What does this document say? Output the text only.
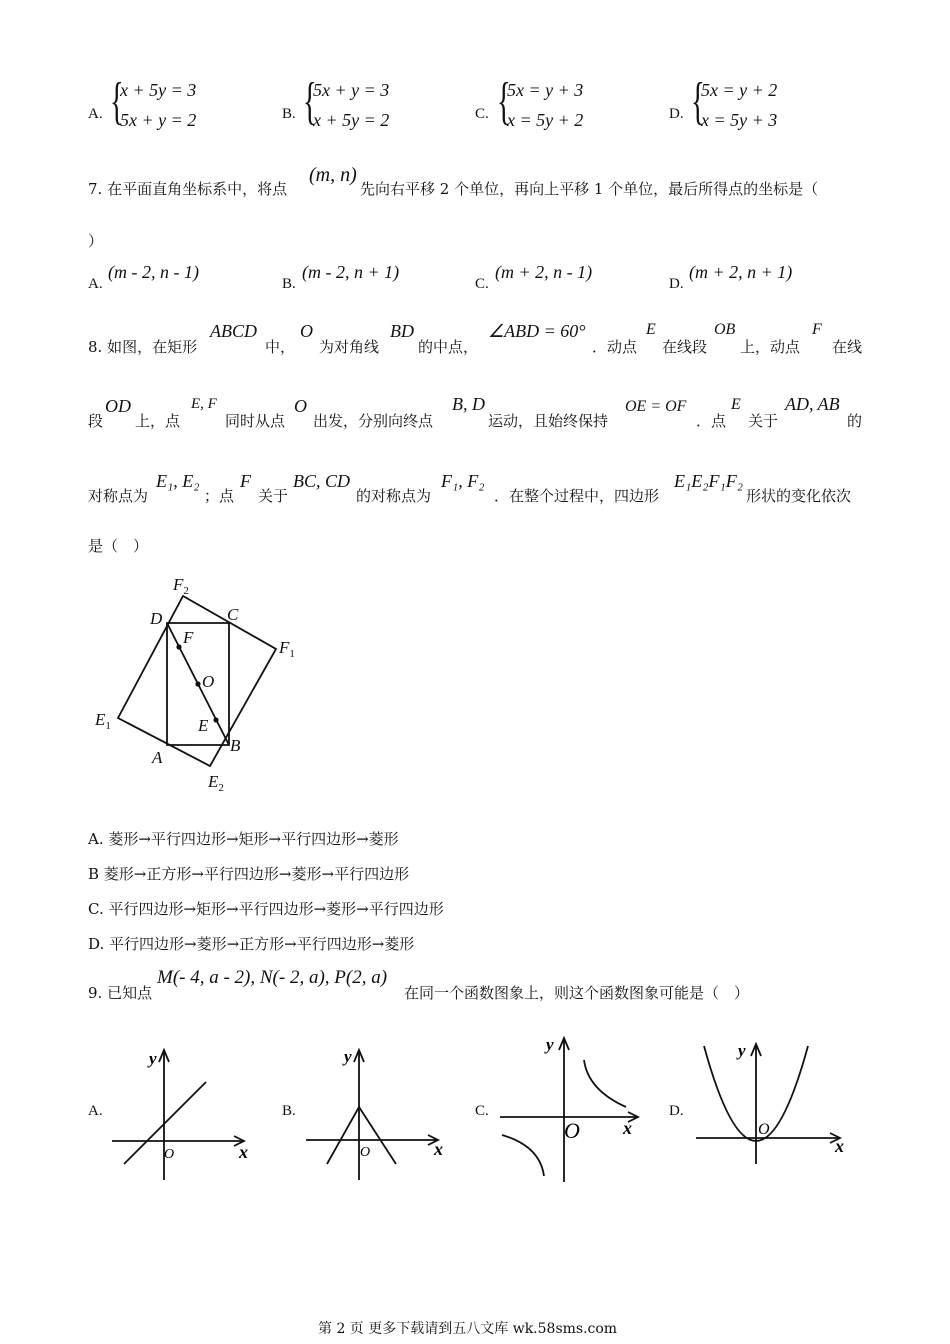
A. {
x + 5y = 3
5x + y = 2	B. {
5x + y = 3
x + 5y = 2	C. {
5x = y + 3
x = 5y + 2	D. {
5x = y + 2
x = 5y + 3
7. 在平面直角坐标系中，将点
(m, n)
先向右平移 2 个单位，再向上平移 1 个单位，最后所得点的坐标是（
）
A.
(m - 2, n - 1)
B.
(m - 2, n + 1)
C.
(m + 2, n - 1)
D.
(m + 2, n + 1)
8. 如图，在矩形
ABCD
中，
O
为对角线
BD
的中点，
∠ABD = 60°
．动点
E
在线段
OB
上，动点
F
在线
段
OD
上，点
E, F
同时从点
O
出发，分别向终点
B, D
运动，且始终保持
OE = OF
．点
E
关于
AD, AB
的
对称点为
E₁, E₂
；点
F
关于
BC, CD
的对称点为
F₁, F₂
．在整个过程中，四边形
E₁E₂F₁F₂
形状的变化依次
是（　）
D	C
A
B
F
O
E
$E_1$
$E_2$
$F_1$
$F_2$
A. 菱形→平行四边形→矩形→平行四边形→菱形
B 菱形→正方形→平行四边形→菱形→平行四边形
C. 平行四边形→矩形→平行四边形→菱形→平行四边形
D. 平行四边形→菱形→正方形→平行四边形→菱形
9. 已知点
M(- 4, a - 2), N(- 2, a), P(2, a)
在同一个函数图象上，则这个函数图象可能是（　）
A.
x
y
O
B.
x
y
O
C.
x
y
O
D.
x
y
O
第 2 页 更多下载请到五八文库 wk.58sms.com
